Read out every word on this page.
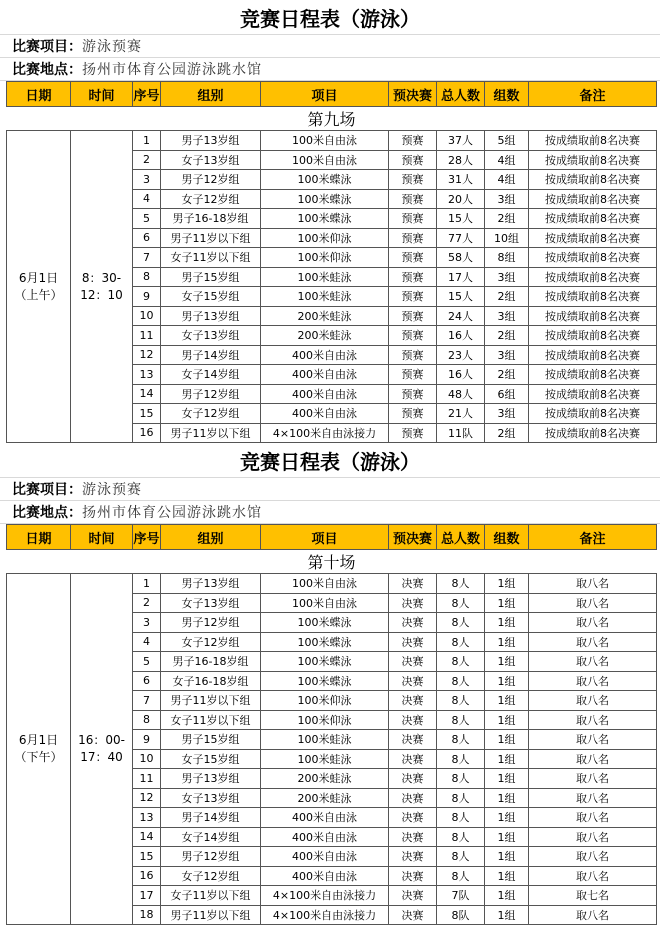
竞赛日程表（游泳）
比赛项目： 游泳预赛
比赛地点： 扬州市体育公园游泳跳水馆
日期	时间	序号	组别	项目	预决赛	总人数	组数	备注
第九场								
6月1日（上午）	8：30-12：10	1	男子13岁组	100米自由泳	预赛	37人	5组	按成绩取前8名决赛
		2	女子13岁组	100米自由泳	预赛	28人	4组	按成绩取前8名决赛
		3	男子12岁组	100米蝶泳	预赛	31人	4组	按成绩取前8名决赛
		4	女子12岁组	100米蝶泳	预赛	20人	3组	按成绩取前8名决赛
		5	男子16-18岁组	100米蝶泳	预赛	15人	2组	按成绩取前8名决赛
		6	男子11岁以下组	100米仰泳	预赛	77人	10组	按成绩取前8名决赛
		7	女子11岁以下组	100米仰泳	预赛	58人	8组	按成绩取前8名决赛
		8	男子15岁组	100米蛙泳	预赛	17人	3组	按成绩取前8名决赛
		9	女子15岁组	100米蛙泳	预赛	15人	2组	按成绩取前8名决赛
		10	男子13岁组	200米蛙泳	预赛	24人	3组	按成绩取前8名决赛
		11	女子13岁组	200米蛙泳	预赛	16人	2组	按成绩取前8名决赛
		12	男子14岁组	400米自由泳	预赛	23人	3组	按成绩取前8名决赛
		13	女子14岁组	400米自由泳	预赛	16人	2组	按成绩取前8名决赛
		14	男子12岁组	400米自由泳	预赛	48人	6组	按成绩取前8名决赛
		15	女子12岁组	400米自由泳	预赛	21人	3组	按成绩取前8名决赛
		16	男子11岁以下组	4×100米自由泳接力	预赛	11队	2组	按成绩取前8名决赛
竞赛日程表（游泳）
比赛项目： 游泳预赛
比赛地点： 扬州市体育公园游泳跳水馆
日期	时间	序号	组别	项目	预决赛	总人数	组数	备注
第十场								
6月1日（下午）	16：00-17：40	1	男子13岁组	100米自由泳	决赛	8人	1组	取八名
		2	女子13岁组	100米自由泳	决赛	8人	1组	取八名
		3	男子12岁组	100米蝶泳	决赛	8人	1组	取八名
		4	女子12岁组	100米蝶泳	决赛	8人	1组	取八名
		5	男子16-18岁组	100米蝶泳	决赛	8人	1组	取八名
		6	女子16-18岁组	100米蝶泳	决赛	8人	1组	取八名
		7	男子11岁以下组	100米仰泳	决赛	8人	1组	取八名
		8	女子11岁以下组	100米仰泳	决赛	8人	1组	取八名
		9	男子15岁组	100米蛙泳	决赛	8人	1组	取八名
		10	女子15岁组	100米蛙泳	决赛	8人	1组	取八名
		11	男子13岁组	200米蛙泳	决赛	8人	1组	取八名
		12	女子13岁组	200米蛙泳	决赛	8人	1组	取八名
		13	男子14岁组	400米自由泳	决赛	8人	1组	取八名
		14	女子14岁组	400米自由泳	决赛	8人	1组	取八名
		15	男子12岁组	400米自由泳	决赛	8人	1组	取八名
		16	女子12岁组	400米自由泳	决赛	8人	1组	取八名
		17	女子11岁以下组	4×100米自由泳接力	决赛	7队	1组	取七名
		18	男子11岁以下组	4×100米自由泳接力	决赛	8队	1组	取八名
